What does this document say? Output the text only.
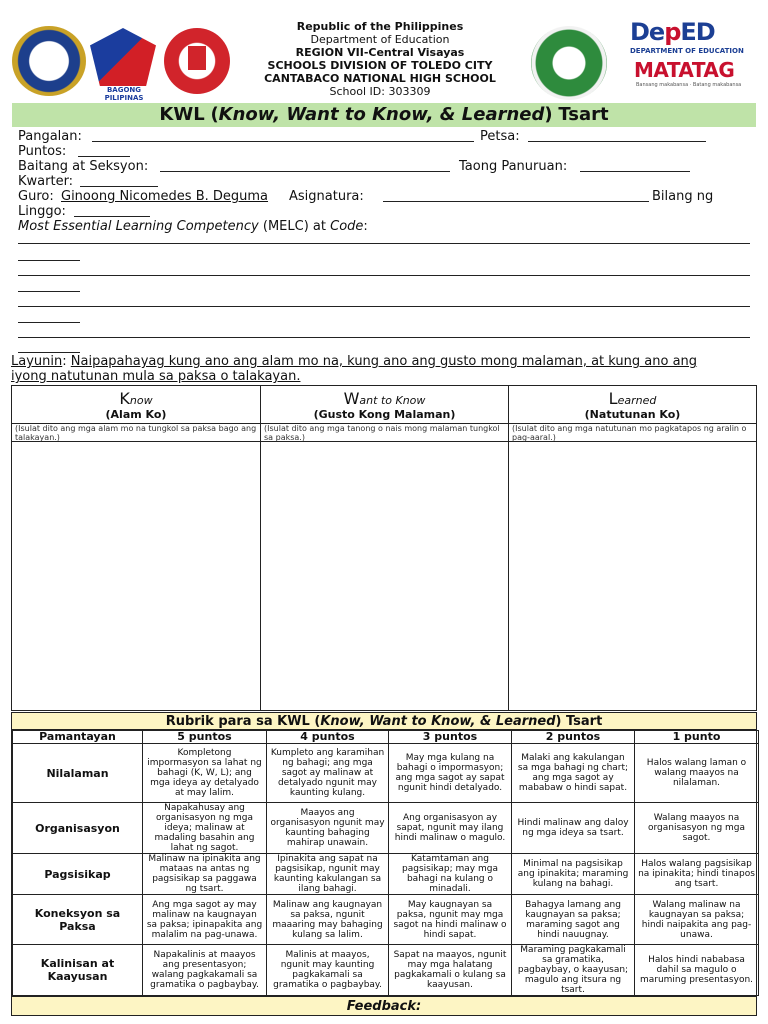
BAGONG PILIPINAS
DepED
DEPARTMENT OF EDUCATION
MATATAG
Bansang makabansa · Batang makabansa
Republic of the Philippines
Department of Education
REGION VII-Central Visayas
SCHOOLS DIVISION OF TOLEDO CITY
CANTABACO NATIONAL HIGH SCHOOL
School ID: 303309
KWL (Know, Want to Know, & Learned) Tsart
Pangalan:	Petsa:
Puntos:
Baitang at Seksyon:	Taong Panuruan:
Kwarter:
Guro: Ginoong Nicomedes B. Deguma Asignatura:	Bilang ng
Linggo:
Most Essential Learning Competency (MELC) at Code:
Layunin: Naipapahayag kung ano ang alam mo na, kung ano ang gusto mong malaman, at kung ano ang
iyong natutunan mula sa paksa o talakayan.
Know
(Alam Ko)
(Isulat dito ang mga alam mo na tungkol sa paksa bago ang talakayan.)
Want to Know
(Gusto Kong Malaman)
(Isulat dito ang mga tanong o nais mong malaman tungkol sa paksa.)
Learned
(Natutunan Ko)
(Isulat dito ang mga natutunan mo pagkatapos ng aralin o pag-aaral.)
Rubrik para sa KWL (Know, Want to Know, & Learned) Tsart
Pamantayan	5 puntos	4 puntos	3 puntos	2 puntos	1 punto
Nilalaman	Kompletong impormasyon sa lahat ng bahagi (K, W, L); ang mga ideya ay detalyado at may lalim.	Kumpleto ang karamihan ng bahagi; ang mga sagot ay malinaw at detalyado ngunit may kaunting kulang.	May mga kulang na bahagi o impormasyon; ang mga sagot ay sapat ngunit hindi detalyado.	Malaki ang kakulangan sa mga bahagi ng chart; ang mga sagot ay mababaw o hindi sapat.	Halos walang laman o walang maayos na nilalaman.
Organisasyon	Napakahusay ang organisasyon ng mga ideya; malinaw at madaling basahin ang lahat ng sagot.	Maayos ang organisasyon ngunit may kaunting bahaging mahirap unawain.	Ang organisasyon ay sapat, ngunit may ilang hindi malinaw o magulo.	Hindi malinaw ang daloy ng mga ideya sa tsart.	Walang maayos na organisasyon ng mga sagot.
Pagsisikap	Malinaw na ipinakita ang mataas na antas ng pagsisikap sa paggawa ng tsart.	Ipinakita ang sapat na pagsisikap, ngunit may kaunting kakulangan sa ilang bahagi.	Katamtaman ang pagsisikap; may mga bahagi na kulang o minadali.	Minimal na pagsisikap ang ipinakita; maraming kulang na bahagi.	Halos walang pagsisikap na ipinakita; hindi tinapos ang tsart.
Koneksyon sa Paksa	Ang mga sagot ay may malinaw na kaugnayan sa paksa; ipinapakita ang malalim na pag-unawa.	Malinaw ang kaugnayan sa paksa, ngunit maaaring may bahaging kulang sa lalim.	May kaugnayan sa paksa, ngunit may mga sagot na hindi malinaw o hindi sapat.	Bahagya lamang ang kaugnayan sa paksa; maraming sagot ang hindi nauugnay.	Walang malinaw na kaugnayan sa paksa; hindi naipakita ang pag-unawa.
Kalinisan at Kaayusan	Napakalinis at maayos ang presentasyon; walang pagkakamali sa gramatika o pagbaybay.	Malinis at maayos, ngunit may kaunting pagkakamali sa gramatika o pagbaybay.	Sapat na maayos, ngunit may mga halatang pagkakamali o kulang sa kaayusan.	Maraming pagkakamali sa gramatika, pagbaybay, o kaayusan; magulo ang itsura ng tsart.	Halos hindi nababasa dahil sa magulo o maruming presentasyon.
Feedback:
